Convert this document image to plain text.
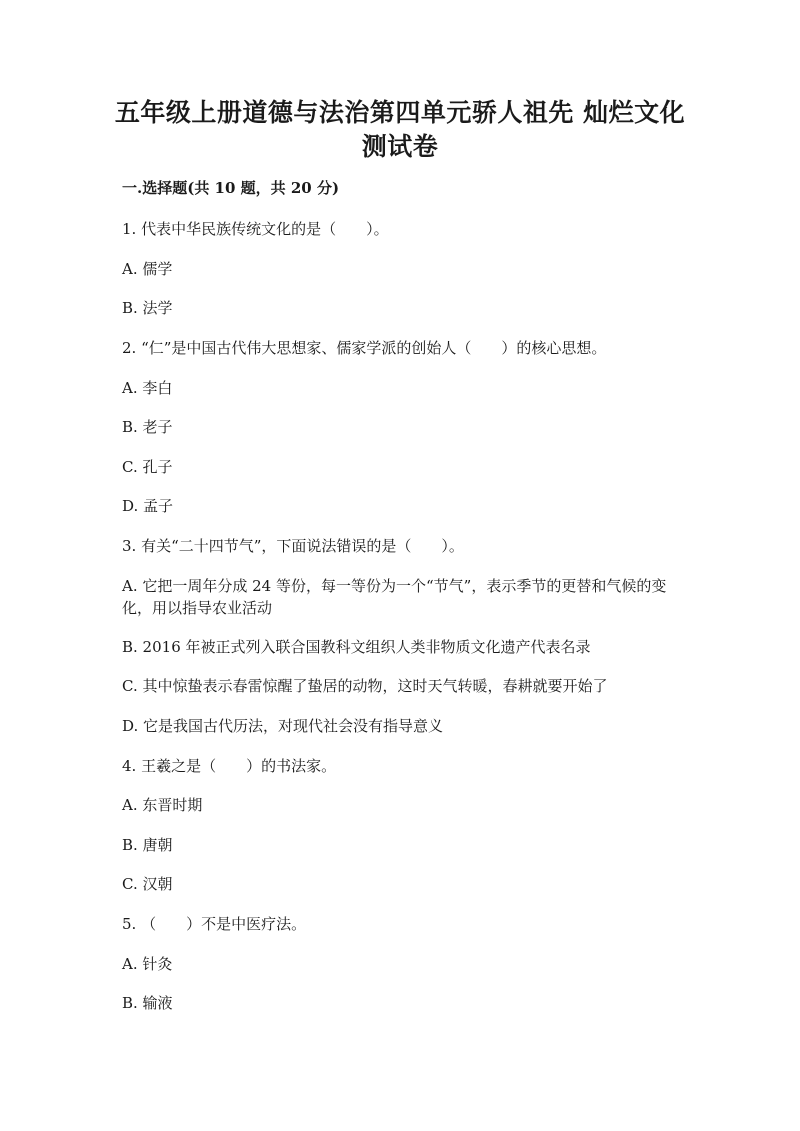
五年级上册道德与法治第四单元骄人祖先 灿烂文化
测试卷
一.选择题(共 10 题，共 20 分)
1. 代表中华民族传统文化的是（　　）。
A. 儒学
B. 法学
2. “仁”是中国古代伟大思想家、儒家学派的创始人（　　）的核心思想。
A. 李白
B. 老子
C. 孔子
D. 孟子
3. 有关“二十四节气”，下面说法错误的是（　　）。
A. 它把一周年分成 24 等份，每一等份为一个“节气”，表示季节的更替和气候的变化，用以指导农业活动
B. 2016 年被正式列入联合国教科文组织人类非物质文化遗产代表名录
C. 其中惊蛰表示春雷惊醒了蛰居的动物，这时天气转暖，春耕就要开始了
D. 它是我国古代历法，对现代社会没有指导意义
4. 王羲之是（　　）的书法家。
A. 东晋时期
B. 唐朝
C. 汉朝
5. （　　）不是中医疗法。
A. 针灸
B. 输液
